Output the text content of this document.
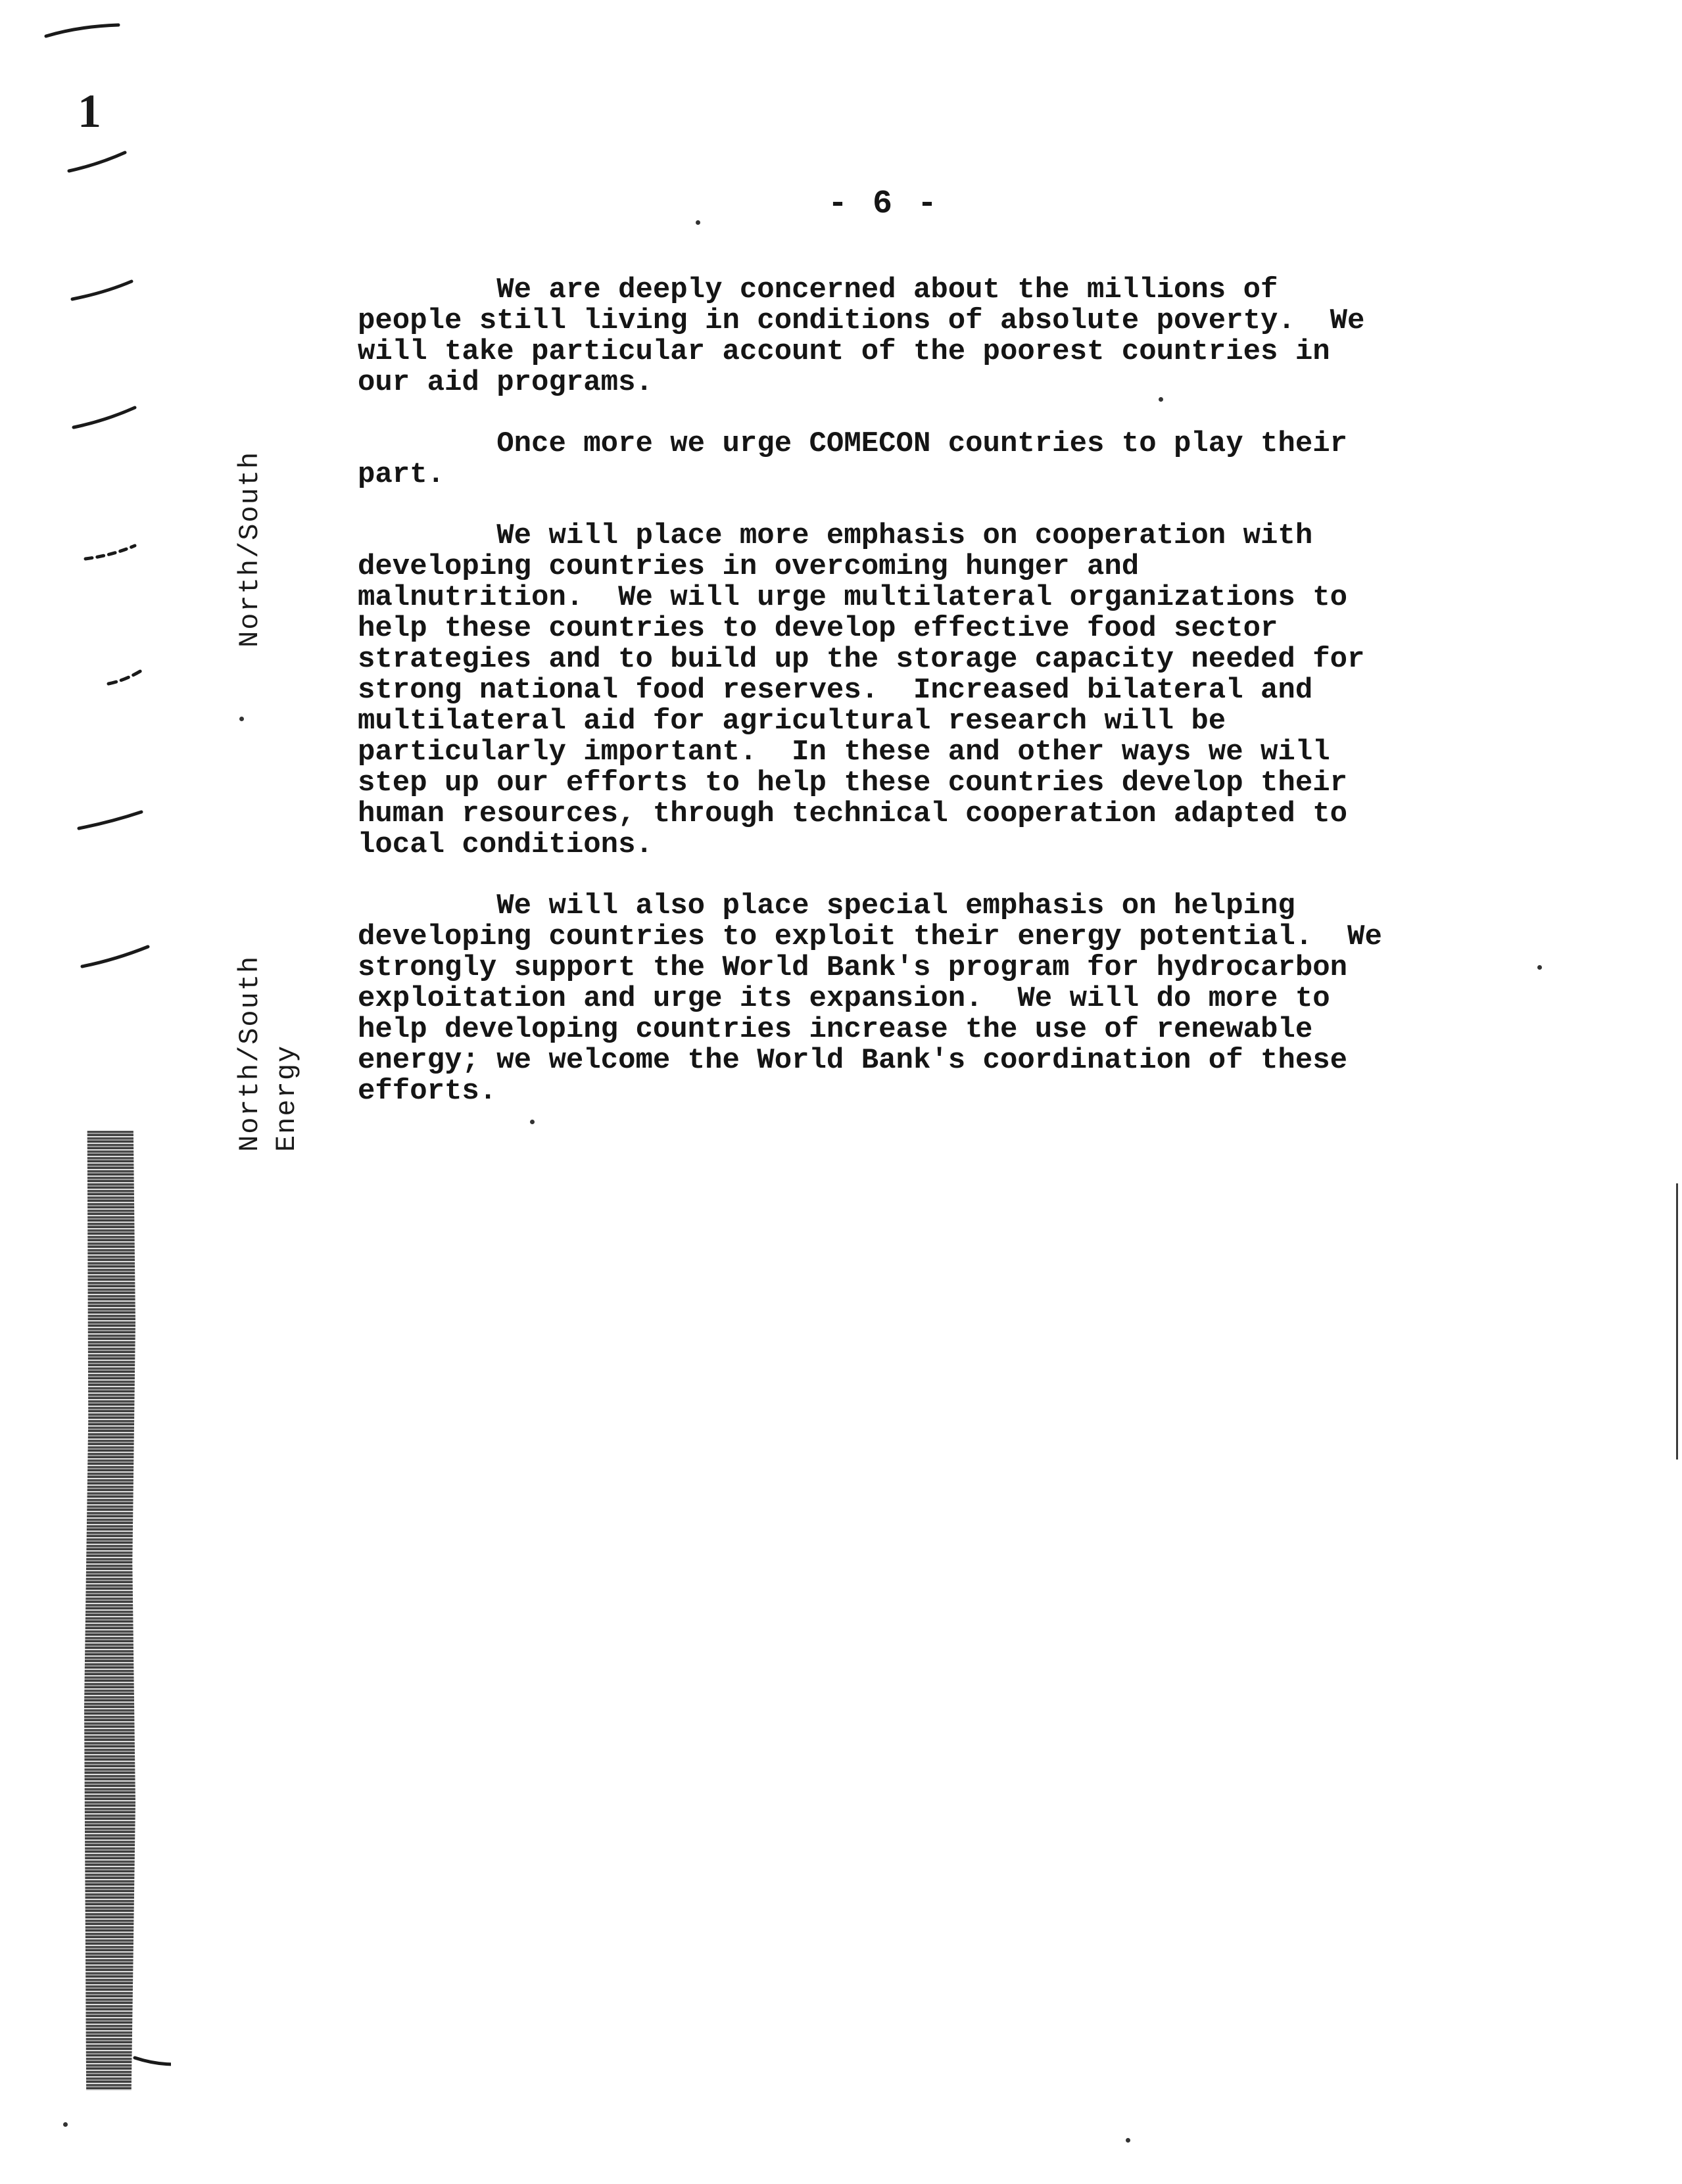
1
- 6 -
North/South
North/South Energy

We are deeply concerned about the millions of
people still living in conditions of absolute poverty.  We
will take particular account of the poorest countries in
our aid programs.

Once more we urge COMECON countries to play their
part.

We will place more emphasis on cooperation with
developing countries in overcoming hunger and
malnutrition.  We will urge multilateral organizations to
help these countries to develop effective food sector
strategies and to build up the storage capacity needed for
strong national food reserves.  Increased bilateral and
multilateral aid for agricultural research will be
particularly important.  In these and other ways we will
step up our efforts to help these countries develop their
human resources, through technical cooperation adapted to
local conditions.

We will also place special emphasis on helping
developing countries to exploit their energy potential.  We
strongly support the World Bank's program for hydrocarbon
exploitation and urge its expansion.  We will do more to
help developing countries increase the use of renewable
energy; we welcome the World Bank's coordination of these
efforts.
